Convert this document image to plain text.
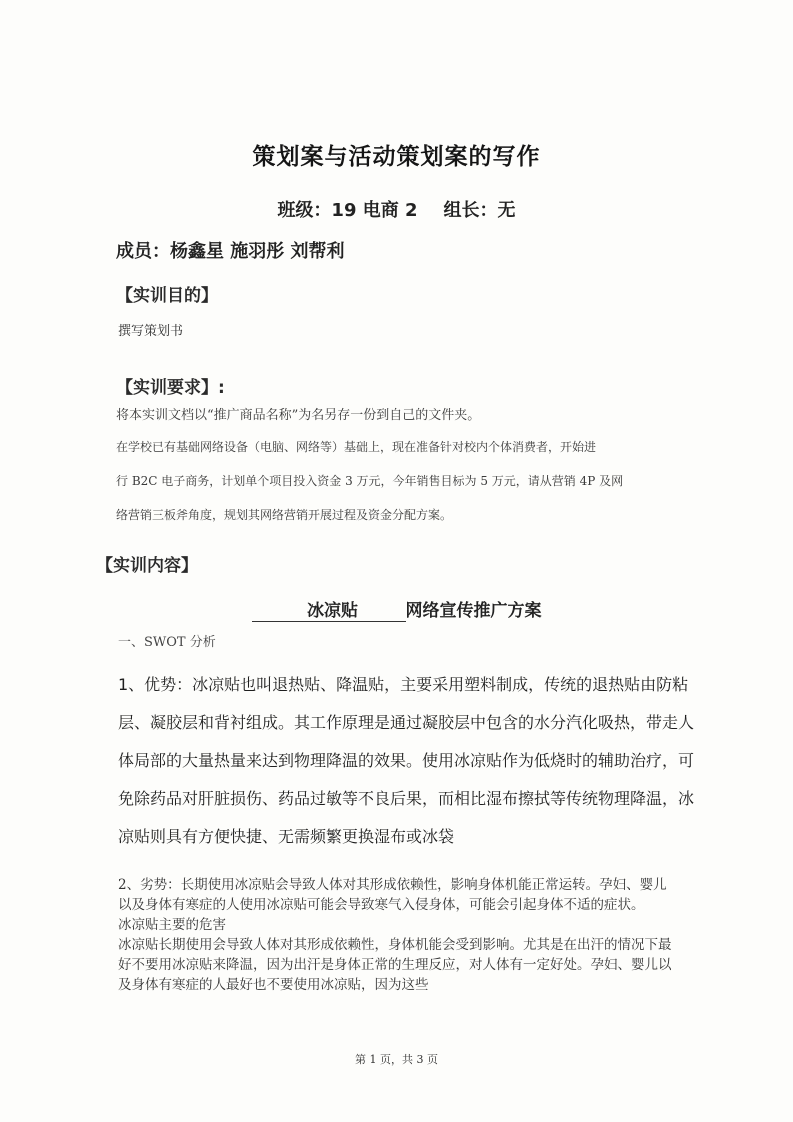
策划案与活动策划案的写作
班级：19 电商 2 组长：无
成员：杨鑫星 施羽彤 刘帮利
【实训目的】
撰写策划书
【实训要求】:
将本实训文档以“推广商品名称”为名另存一份到自己的文件夹。
在学校已有基础网络设备（电脑、网络等）基础上，现在准备针对校内个体消费者，开始进
行 B2C 电子商务，计划单个项目投入资金 3 万元，今年销售目标为 5 万元，请从营销 4P 及网
络营销三板斧角度，规划其网络营销开展过程及资金分配方案。
【实训内容】
冰凉贴	网络宣传推广方案
一、SWOT 分析
1、优势：冰凉贴也叫退热贴、降温贴，主要采用塑料制成，传统的退热贴由防粘层、凝胶层和背衬组成。其工作原理是通过凝胶层中包含的水分汽化吸热，带走人体局部的大量热量来达到物理降温的效果。使用冰凉贴作为低烧时的辅助治疗，可免除药品对肝脏损伤、药品过敏等不良后果，而相比湿布擦拭等传统物理降温，冰凉贴则具有方便快捷、无需频繁更换湿布或冰袋

2、劣势：长期使用冰凉贴会导致人体对其形成依赖性，影响身体机能正常运转。孕妇、婴儿以及身体有寒症的人使用冰凉贴可能会导致寒气入侵身体，可能会引起身体不适的症状。

冰凉贴主要的危害

冰凉贴长期使用会导致人体对其形成依赖性，身体机能会受到影响。尤其是在出汗的情况下最好不要用冰凉贴来降温，因为出汗是身体正常的生理反应，对人体有一定好处。孕妇、婴儿以及身体有寒症的人最好也不要使用冰凉贴，因为这些

第 1 页，共 3 页
